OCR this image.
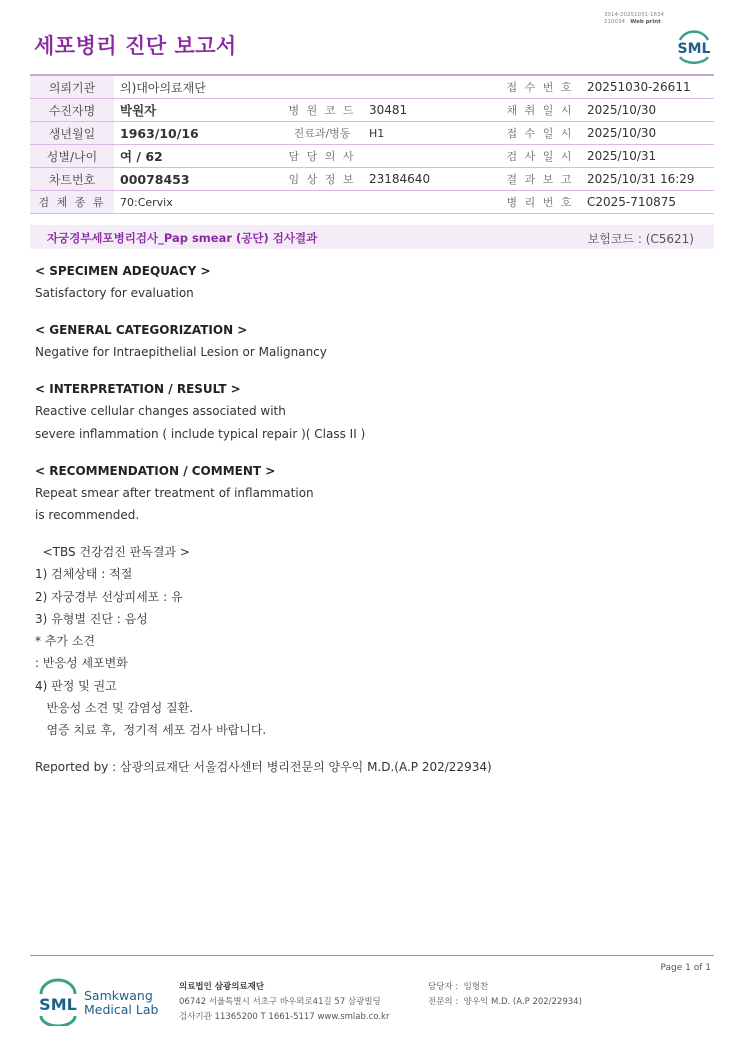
3014-20251031-1634
210034 Web print
세포병리 진단 보고서	SML
의뢰기관	의)대아의료재단			접 수 번 호	20251030-26611
수진자명	박원자	병 원 코 드	30481	채 취 일 시	2025/10/30
생년월일	1963/10/16	진료과/병동	H1	접 수 일 시	2025/10/30
성별/나이	여 / 62	담 당 의 사		검 사 일 시	2025/10/31
차트번호	00078453	임 상 정 보	23184640	결 과 보 고	2025/10/31 16:29
검 체 종 류	70:Cervix			병 리 번 호	C2025-710875
자궁경부세포병리검사_Pap smear (공단) 검사결과	보험코드 : (C5621)
< SPECIMEN ADEQUACY >
Satisfactory for evaluation
< GENERAL CATEGORIZATION >
Negative for Intraepithelial Lesion or Malignancy
< INTERPRETATION / RESULT >
Reactive cellular changes associated with
severe inflammation ( include typical repair )( Class II )
< RECOMMENDATION / COMMENT >
Repeat smear after treatment of inflammation
is recommended.
<TBS 건강검진 판독결과 >
1) 검체상태 : 적절
2) 자궁경부 선상피세포 : 유
3) 유형별 진단 : 음성
* 추가 소견
: 반응성 세포변화
4) 판정 및 권고
반응성 소견 및 감염성 질환.
염증 치료 후,  정기적 세포 검사 바랍니다.
Reported by : 삼광의료재단 서울검사센터 병리전문의 양우익 M.D.(A.P 202/22934)
Page 1 of 1
SML Samkwang
Medical Lab
의료법인 삼광의료재단
06742 서울특별시 서초구 바우뫼로41길 57 삼광빌딩
검사기관 11365200 T 1661-5117 www.smlab.co.kr
담당자 : 임형찬
전문의 : 양우익 M.D. (A.P 202/22934)
